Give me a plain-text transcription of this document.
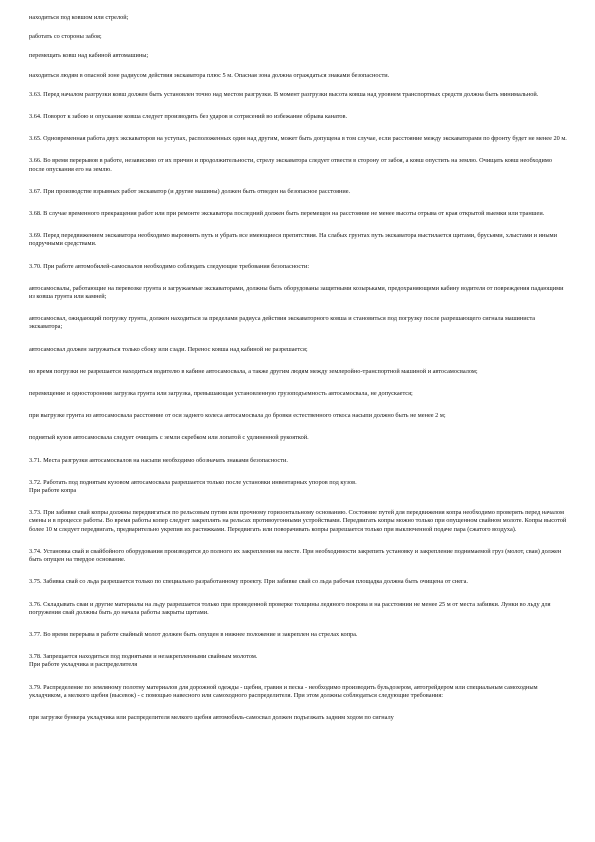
находиться под ковшом или стрелой;

работать со стороны забоя;

перемещать ковш над кабиной автомашины;

находиться людям в опасной зоне радиусом действия экскаватора плюс 5 м. Опасная зона должна ограждаться знаками безопасности.

3.63. Перед началом разгрузки ковш должен быть установлен точно над местом разгрузки. В момент разгрузки высота ковша над уровнем транспортных средств должна быть минимальной.

3.64. Поворот к забою и опускание ковша следует производить без ударов и сотрясений во избежание обрыва канатов.

3.65. Одновременная работа двух экскаваторов на уступах, расположенных один над другим, может быть допущена в том случае, если расстояние между экскаваторами по фронту будет не менее 20 м.

3.66. Во время перерывов в работе, независимо от их причин и продолжительности, стрелу экскаватора следует отвести в сторону от забоя, а ковш опустить на землю. Очищать ковш необходимо после опускания его на землю.

3.67. При производстве взрывных работ экскаватор (и другие машины) должен быть отведен на безопасное расстояние.

3.68. В случае временного прекращения работ или при ремонте экскаватора последний должен быть перемещен на расстояние не менее высоты отрыва от края открытой выемки или траншеи.

3.69. Перед передвижением экскаватора необходимо выровнять путь и убрать все имеющиеся препятствия. На слабых грунтах путь экскаватора выстилается щитами, брусьями, хлыстами и иными подручными средствами.

3.70. При работе автомобилей-самосвалов необходимо соблюдать следующие требования безопасности:

автосамосвалы, работающие на перевозке грунта и загружаемые экскаваторами, должны быть оборудованы защитными козырьками, предохраняющими кабину водителя от повреждения падающими из ковша грунта или камней;

автосамосвал, ожидающий погрузку грунта, должен находиться за пределами радиуса действия экскаваторного ковша и становиться под погрузку после разрешающего сигнала машиниста экскаватора;

автосамосвал должен загружаться только сбоку или сзади. Перенос ковша над кабиной не разрешается;

во время погрузки не разрешается находиться водителю в кабине автосамосвала, а также другим людям между землеройно-транспортной машиной и автосамосвалом;

перемещение и односторонняя загрузка грунта или загрузка, превышающая установленную грузоподъемность автосамосвала, не допускается;

при выгрузке грунта из автосамосвала расстояние от оси заднего колеса автосамосвала до бровки естественного откоса насыпи должно быть не менее 2 м;

поднятый кузов автосамосвала следует очищать с земли скребком или лопатой с удлиненной рукояткой.

3.71. Места разгрузки автосамосвалов на насыпи необходимо обозначать знаками безопасности.

3.72. Работать под поднятым кузовом автосамосвала разрешается только после установки инвентарных упоров под кузов.

При работе копра

3.73. При забивке свай копры должны передвигаться по рельсовым путям или прочному горизонтальному основанию. Состояние путей для передвижения копра необходимо проверять перед началом смены и в процессе работы. Во время работы копер следует закреплять на рельсах противоугонными устройствами. Передвигать копры можно только при опущенном свайном молоте. Копры высотой более 10 м следует передвигать, предварительно укрепив их растяжками. Передвигать или поворачивать копры разрешается только при выключенной подаче пара (сжатого воздуха).

3.74. Установка свай и свайбойного оборудования производится до полного их закрепления на месте. При необходимости закрепить установку и закрепление поднимаемой груз (молот, сваи) должен быть опущен на твердое основание.

3.75. Забивка свай со льда разрешается только по специально разработанному проекту. При забивке свай со льда рабочая площадка должна быть очищена от снега.

3.76. Складывать сваи и другие материалы на льду разрешается только при проведенной проверке толщины ледяного покрова и на расстоянии не менее 25 м от места забивки. Лунки во льду для погружения свай должны быть до начала работы закрыты щитами.

3.77. Во время перерыва в работе свайный молот должен быть опущен в нижнее положение и закреплен на стрелах копра.

3.78. Запрещается находиться под поднятыми и незакрепленными свайным молотом.

При работе укладчика и распределителя

3.79. Распределение по земляному полотну материалов для дорожной одежды - щебня, гравия и песка - необходимо производить бульдозером, автогрейдером или специальным самоходным укладчиком, а мелкого щебня (высевок) - с помощью навесного или самоходного распределителя. При этом должны соблюдаться следующие требования:

при загрузке бункера укладчика или распределителя мелкого щебня автомобиль-самосвал должен подъезжать задним ходом по сигналу
